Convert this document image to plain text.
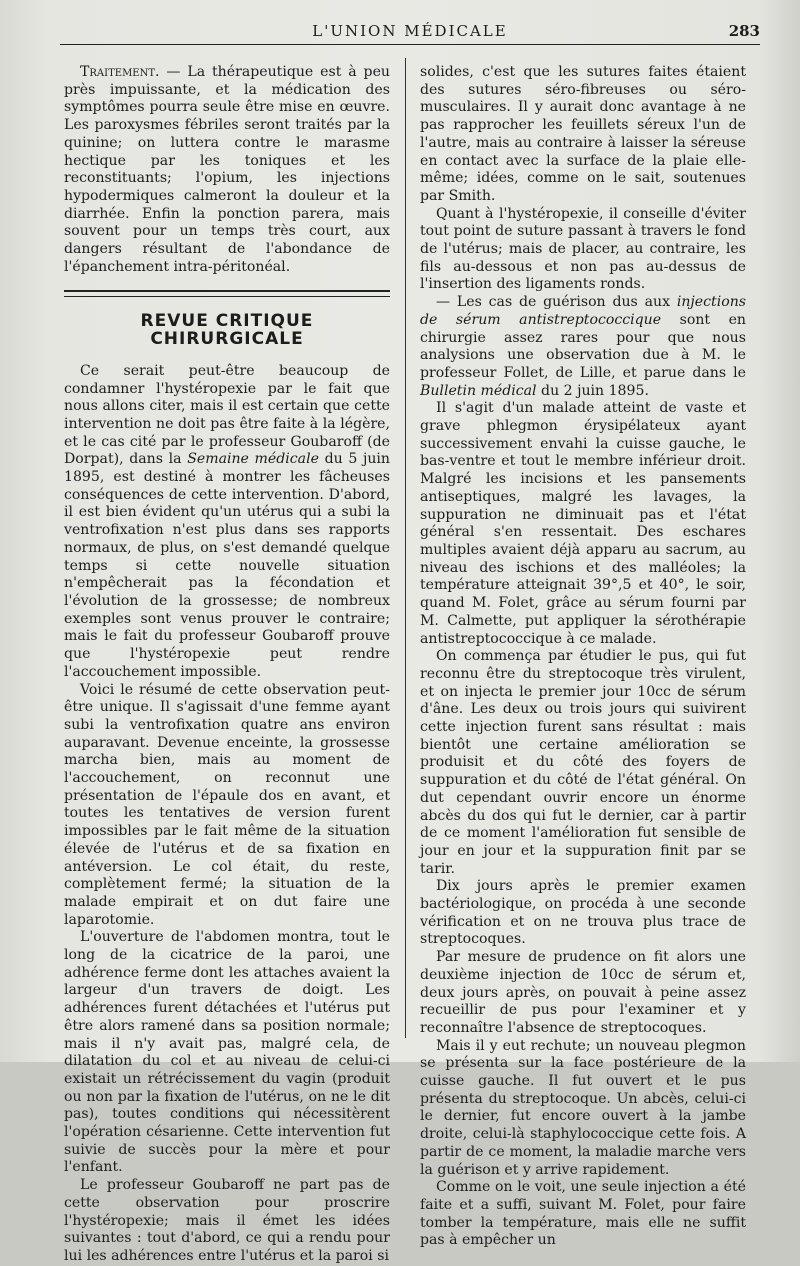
L'UNION MÉDICALE	283

Traitement. — La thérapeutique est à peu près impuissante, et la médication des symptômes pourra seule être mise en œuvre. Les paroxysmes fébriles seront traités par la quinine; on luttera contre le marasme hectique par les toniques et les reconstituants; l'opium, les injections hypodermiques calmeront la douleur et la diarrhée. Enfin la ponction parera, mais souvent pour un temps très court, aux dangers résultant de l'abondance de l'épanchement intra-péritonéal.

REVUE CRITIQUE CHIRURGICALE

Ce serait peut-être beaucoup de condamner l'hystéropexie par le fait que nous allons citer, mais il est certain que cette intervention ne doit pas être faite à la légère, et le cas cité par le professeur Goubaroff (de Dorpat), dans la Semaine médicale du 5 juin 1895, est destiné à montrer les fâcheuses conséquences de cette intervention. D'abord, il est bien évident qu'un utérus qui a subi la ventrofixation n'est plus dans ses rapports normaux, de plus, on s'est demandé quelque temps si cette nouvelle situation n'empêcherait pas la fécondation et l'évolution de la grossesse; de nombreux exemples sont venus prouver le contraire; mais le fait du professeur Goubaroff prouve que l'hystéropexie peut rendre l'accouchement impossible.

Voici le résumé de cette observation peut-être unique. Il s'agissait d'une femme ayant subi la ventrofixation quatre ans environ auparavant. Devenue enceinte, la grossesse marcha bien, mais au moment de l'accouchement, on reconnut une présentation de l'épaule dos en avant, et toutes les tentatives de version furent impossibles par le fait même de la situation élevée de l'utérus et de sa fixation en antéversion. Le col était, du reste, complètement fermé; la situation de la malade empirait et on dut faire une laparotomie.

L'ouverture de l'abdomen montra, tout le long de la cicatrice de la paroi, une adhérence ferme dont les attaches avaient la largeur d'un travers de doigt. Les adhérences furent détachées et l'utérus put être alors ramené dans sa position normale; mais il n'y avait pas, malgré cela, de dilatation du col et au niveau de celui-ci existait un rétrécissement du vagin (produit ou non par la fixation de l'utérus, on ne le dit pas), toutes conditions qui nécessitèrent l'opération césarienne. Cette intervention fut suivie de succès pour la mère et pour l'enfant.

Le professeur Goubaroff ne part pas de cette observation pour proscrire l'hystéropexie; mais il émet les idées suivantes : tout d'abord, ce qui a rendu pour lui les adhérences entre l'utérus et la paroi si

solides, c'est que les sutures faites étaient des sutures séro-fibreuses ou séro-musculaires. Il y aurait donc avantage à ne pas rapprocher les feuillets séreux l'un de l'autre, mais au contraire à laisser la séreuse en contact avec la surface de la plaie elle-même; idées, comme on le sait, soutenues par Smith.

Quant à l'hystéropexie, il conseille d'éviter tout point de suture passant à travers le fond de l'utérus; mais de placer, au contraire, les fils au-dessous et non pas au-dessus de l'insertion des ligaments ronds.

— Les cas de guérison dus aux injections de sérum antistreptococcique sont en chirurgie assez rares pour que nous analysions une observation due à M. le professeur Follet, de Lille, et parue dans le Bulletin médical du 2 juin 1895.

Il s'agit d'un malade atteint de vaste et grave phlegmon érysipélateux ayant successivement envahi la cuisse gauche, le bas-ventre et tout le membre inférieur droit. Malgré les incisions et les pansements antiseptiques, malgré les lavages, la suppuration ne diminuait pas et l'état général s'en ressentait. Des eschares multiples avaient déjà apparu au sacrum, au niveau des ischions et des malléoles; la température atteignait 39°,5 et 40°, le soir, quand M. Folet, grâce au sérum fourni par M. Calmette, put appliquer la sérothérapie antistreptococcique à ce malade.

On commença par étudier le pus, qui fut reconnu être du streptocoque très virulent, et on injecta le premier jour 10cc de sérum d'âne. Les deux ou trois jours qui suivirent cette injection furent sans résultat : mais bientôt une certaine amélioration se produisit et du côté des foyers de suppuration et du côté de l'état général. On dut cependant ouvrir encore un énorme abcès du dos qui fut le dernier, car à partir de ce moment l'amélioration fut sensible de jour en jour et la suppuration finit par se tarir.

Dix jours après le premier examen bactériologique, on procéda à une seconde vérification et on ne trouva plus trace de streptocoques.

Par mesure de prudence on fit alors une deuxième injection de 10cc de sérum et, deux jours après, on pouvait à peine assez recueillir de pus pour l'examiner et y reconnaître l'absence de streptocoques.

Mais il y eut rechute; un nouveau plegmon se présenta sur la face postérieure de la cuisse gauche. Il fut ouvert et le pus présenta du streptocoque. Un abcès, celui-ci le dernier, fut encore ouvert à la jambe droite, celui-là staphylococcique cette fois. A partir de ce moment, la maladie marche vers la guérison et y arrive rapidement.

Comme on le voit, une seule injection a été faite et a suffi, suivant M. Folet, pour faire tomber la température, mais elle ne suffit pas à empêcher un
